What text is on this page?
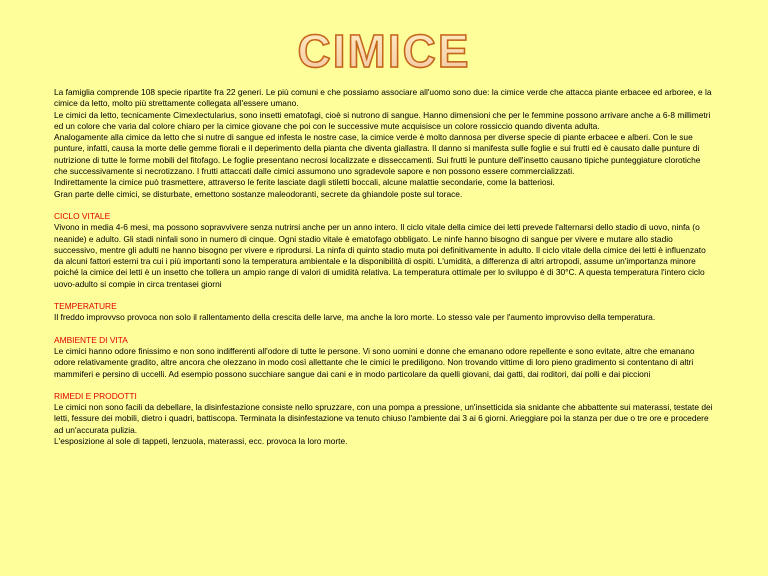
CIMICE

La famiglia comprende 108 specie ripartite fra 22 generi. Le più comuni e che possiamo associare all'uomo sono due: la cimice verde che attacca piante erbacee ed arboree, e la cimice da letto, molto più strettamente collegata all'essere umano.

Le cimici da letto, tecnicamente Cimexlectularius, sono insetti ematofagi, cioè si nutrono di sangue. Hanno dimensioni che per le femmine possono arrivare anche a 6-8 millimetri ed un colore che varia dal colore chiaro per la cimice giovane che poi con le successive mute acquisisce un colore rossiccio quando diventa adulta.

Analogamente alla cimice da letto che si nutre di sangue ed infesta le nostre case, la cimice verde è molto dannosa per diverse specie di piante erbacee e alberi. Con le sue punture, infatti, causa la morte delle gemme fiorali e il deperimento della pianta che diventa giallastra. Il danno si manifesta sulle foglie e sui frutti ed è causato dalle punture di nutrizione di tutte le forme mobili del fitofago. Le foglie presentano necrosi localizzate e disseccamenti. Sui frutti le punture dell'insetto causano tipiche punteggiature clorotiche che successivamente si necrotizzano. I frutti attaccati dalle cimici assumono uno sgradevole sapore e non possono essere commercializzati.

Indirettamente la cimice può trasmettere, attraverso le ferite lasciate dagli stiletti boccali, alcune malattie secondarie, come la batteriosi.

Gran parte delle cimici, se disturbate, emettono sostanze maleodoranti, secrete da ghiandole poste sul torace.

CICLO VITALE

Vivono in media 4-6 mesi, ma possono sopravvivere senza nutrirsi anche per un anno intero. Il ciclo vitale della cimice dei letti prevede l'alternarsi dello stadio di uovo, ninfa (o neanide) e adulto. Gli stadi ninfali sono in numero di cinque. Ogni stadio vitale è ematofago obbligato. Le ninfe hanno bisogno di sangue per vivere e mutare allo stadio successivo, mentre gli adulti ne hanno bisogno per vivere e riprodursi. La ninfa di quinto stadio muta poi definitivamente in adulto. Il ciclo vitale della cimice dei letti è influenzato da alcuni fattori esterni tra cui i più importanti sono la temperatura ambientale e la disponibilità di ospiti. L'umidità, a differenza di altri artropodi, assume un'importanza minore poiché la cimice dei letti è un insetto che tollera un ampio range di valori di umidità relativa. La temperatura ottimale per lo sviluppo è di 30°C. A questa temperatura l'intero ciclo uovo-adulto si compie in circa trentasei giorni

TEMPERATURE

Il freddo improvvso provoca non solo il rallentamento della crescita delle larve, ma anche la loro morte. Lo stesso vale per l'aumento improvviso della temperatura.

AMBIENTE DI VITA

Le cimici hanno odore finissimo e non sono indifferenti all'odore di tutte le persone. Vi sono uomini e donne che emanano odore repellente e sono evitate, altre che emanano odore relativamente gradito, altre ancora che olezzano in modo così allettante che le cimici le prediligono. Non trovando vittime di loro pieno gradimento si contentano di altri mammiferi e persino di uccelli. Ad esempio possono succhiare sangue dai cani e in modo particolare da quelli giovani, dai gatti, dai roditori, dai polli e dai piccioni

RIMEDI E PRODOTTI

Le cimici non sono facili da debellare, la disinfestazione consiste nello spruzzare, con una pompa a pressione, un'insetticida sia snidante che abbattente sui materassi, testate dei letti, fessure dei mobili, dietro i quadri, battiscopa. Terminata la disinfestazione va tenuto chiuso l'ambiente dai 3 ai 6 giorni. Arieggiare poi la stanza per due o tre ore e procedere ad un'accurata pulizia.

L'esposizione al sole di tappeti, lenzuola, materassi, ecc. provoca la loro morte.
